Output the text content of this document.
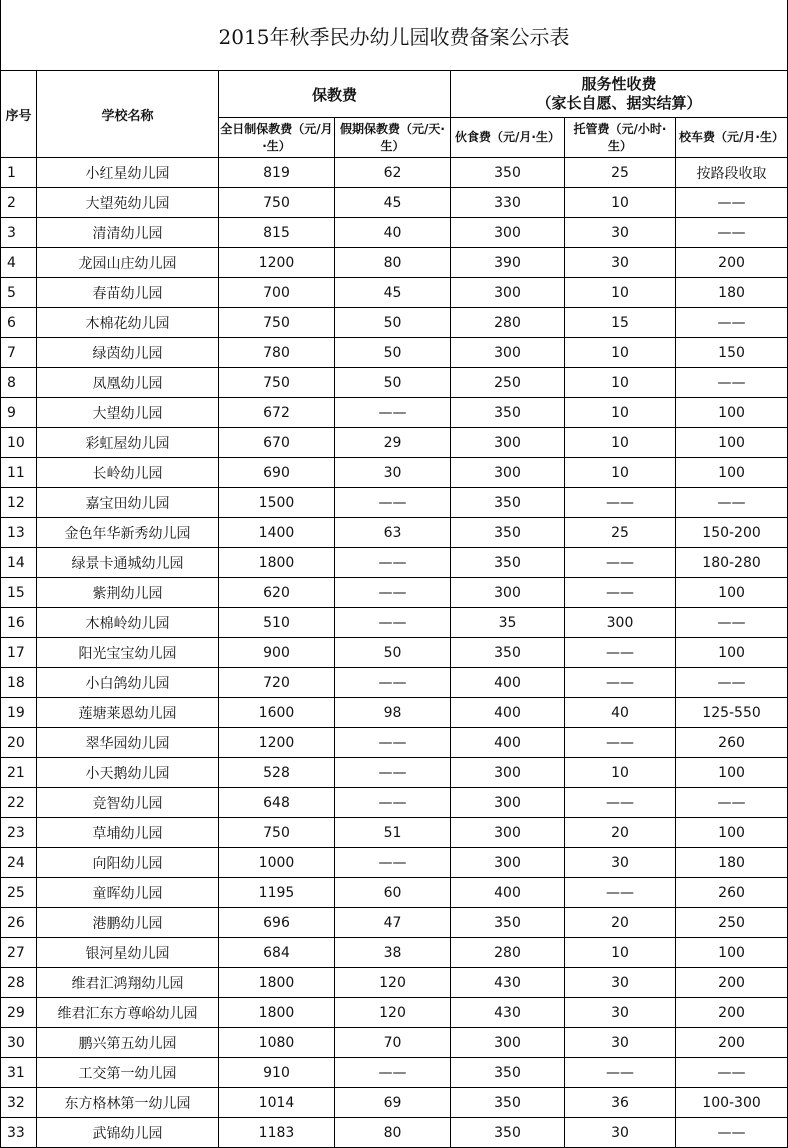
2015年秋季民办幼儿园收费备案公示表
序号	学校名称	保教费		服务性收费
（家长自愿、据实结算）		
		全日制保教费（元/月·生）	假期保教费（元/天·生）	伙食费（元/月·生）	托管费（元/小时·生）	校车费（元/月·生）
1	小红星幼儿园	819	62	350	25	按路段收取
2	大望苑幼儿园	750	45	330	10	——
3	清清幼儿园	815	40	300	30	——
4	龙园山庄幼儿园	1200	80	390	30	200
5	春苗幼儿园	700	45	300	10	180
6	木棉花幼儿园	750	50	280	15	——
7	绿茵幼儿园	780	50	300	10	150
8	凤凰幼儿园	750	50	250	10	——
9	大望幼儿园	672	——	350	10	100
10	彩虹屋幼儿园	670	29	300	10	100
11	长岭幼儿园	690	30	300	10	100
12	嘉宝田幼儿园	1500	——	350	——	——
13	金色年华新秀幼儿园	1400	63	350	25	150-200
14	绿景卡通城幼儿园	1800	——	350	——	180-280
15	紫荆幼儿园	620	——	300	——	100
16	木棉岭幼儿园	510	——	35	300	——
17	阳光宝宝幼儿园	900	50	350	——	100
18	小白鸽幼儿园	720	——	400	——	——
19	莲塘莱恩幼儿园	1600	98	400	40	125-550
20	翠华园幼儿园	1200	——	400	——	260
21	小天鹅幼儿园	528	——	300	10	100
22	竞智幼儿园	648	——	300	——	——
23	草埔幼儿园	750	51	300	20	100
24	向阳幼儿园	1000	——	300	30	180
25	童晖幼儿园	1195	60	400	——	260
26	港鹏幼儿园	696	47	350	20	250
27	银河星幼儿园	684	38	280	10	100
28	维君汇鸿翔幼儿园	1800	120	430	30	200
29	维君汇东方尊峪幼儿园	1800	120	430	30	200
30	鹏兴第五幼儿园	1080	70	300	30	200
31	工交第一幼儿园	910	——	350	——	——
32	东方格林第一幼儿园	1014	69	350	36	100-300
33	武锦幼儿园	1183	80	350	30	——
